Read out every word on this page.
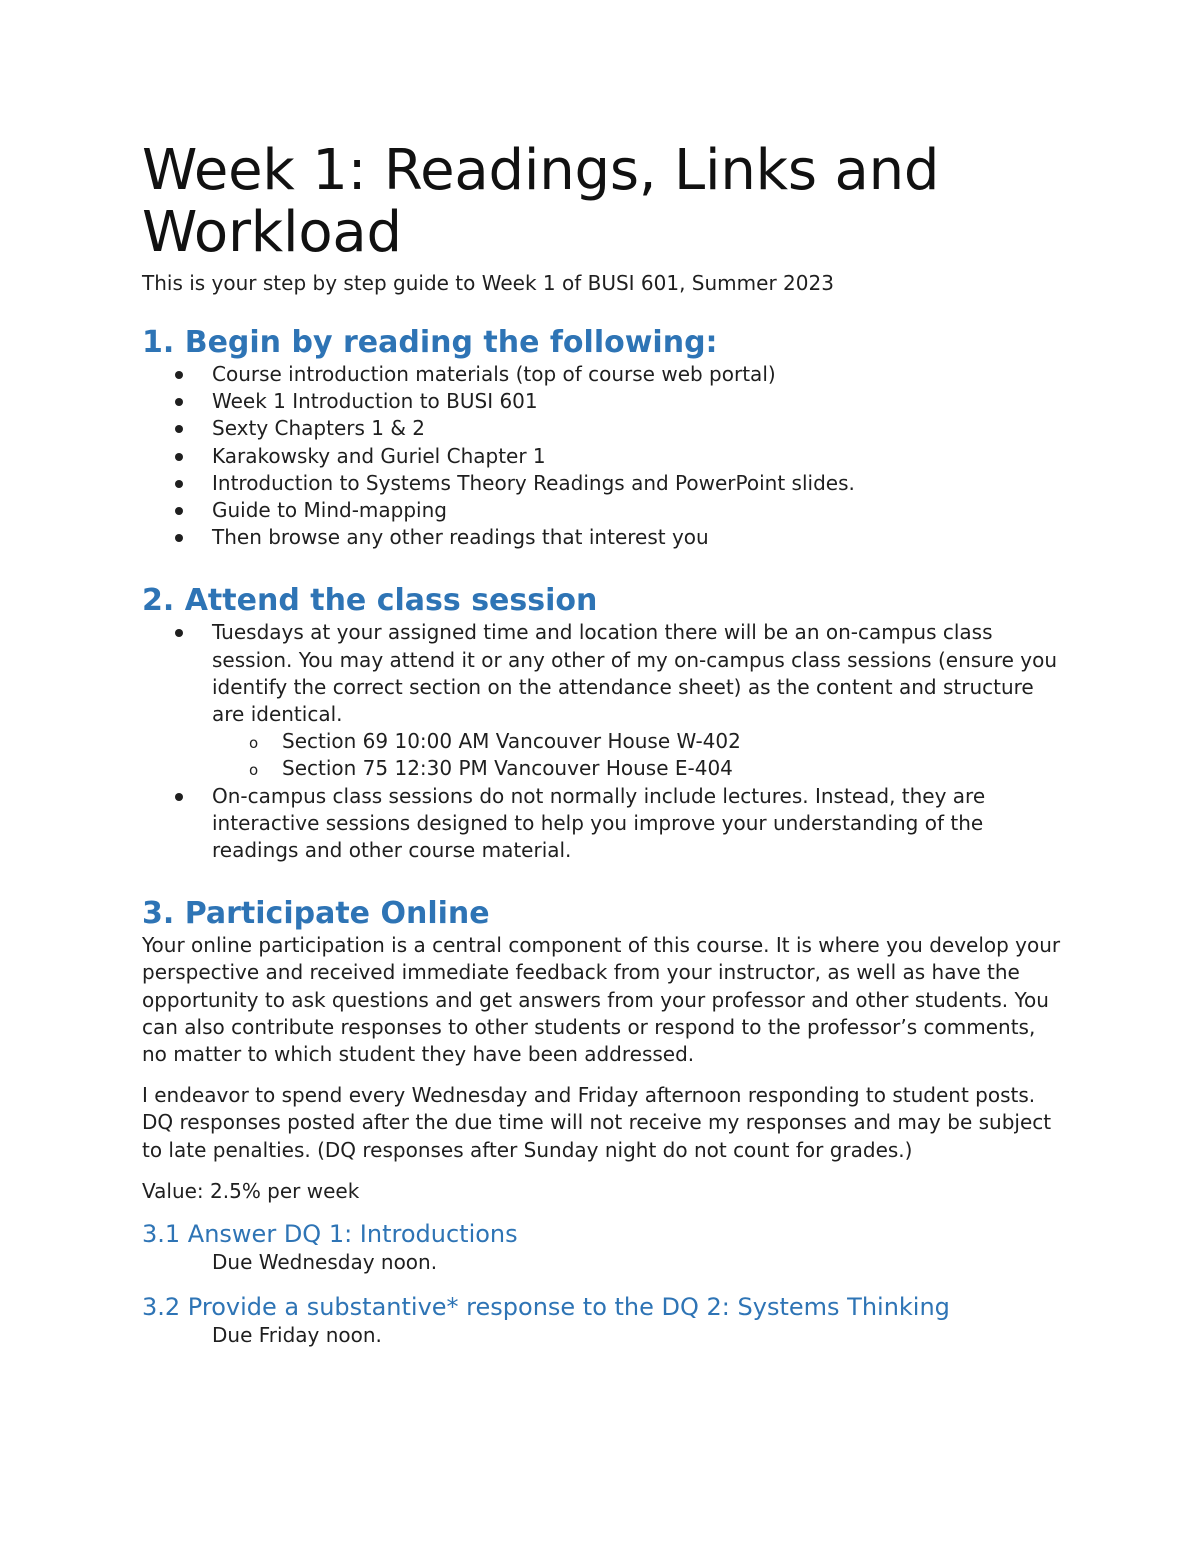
Week 1: Readings, Links and Workload

This is your step by step guide to Week 1 of BUSI 601, Summer 2023

1. Begin by reading the following:
Course introduction materials (top of course web portal)
Week 1 Introduction to BUSI 601
Sexty Chapters 1 & 2
Karakowsky and Guriel Chapter 1
Introduction to Systems Theory Readings and PowerPoint slides.
Guide to Mind-mapping
Then browse any other readings that interest you
2. Attend the class session
Tuesdays at your assigned time and location there will be an on-campus class session. You may attend it or any other of my on-campus class sessions (ensure you identify the correct section on the attendance sheet) as the content and structure are identical.
o Section 69 10:00 AM Vancouver House W-402
o Section 75 12:30 PM Vancouver House E-404
On-campus class sessions do not normally include lectures. Instead, they are interactive sessions designed to help you improve your understanding of the readings and other course material.
3. Participate Online

Your online participation is a central component of this course. It is where you develop your perspective and received immediate feedback from your instructor, as well as have the opportunity to ask questions and get answers from your professor and other students. You can also contribute responses to other students or respond to the professor’s comments, no matter to which student they have been addressed.

I endeavor to spend every Wednesday and Friday afternoon responding to student posts. DQ responses posted after the due time will not receive my responses and may be subject to late penalties. (DQ responses after Sunday night do not count for grades.)

Value: 2.5% per week

3.1 Answer DQ 1: Introductions

Due Wednesday noon.

3.2 Provide a substantive* response to the DQ 2: Systems Thinking

Due Friday noon.
